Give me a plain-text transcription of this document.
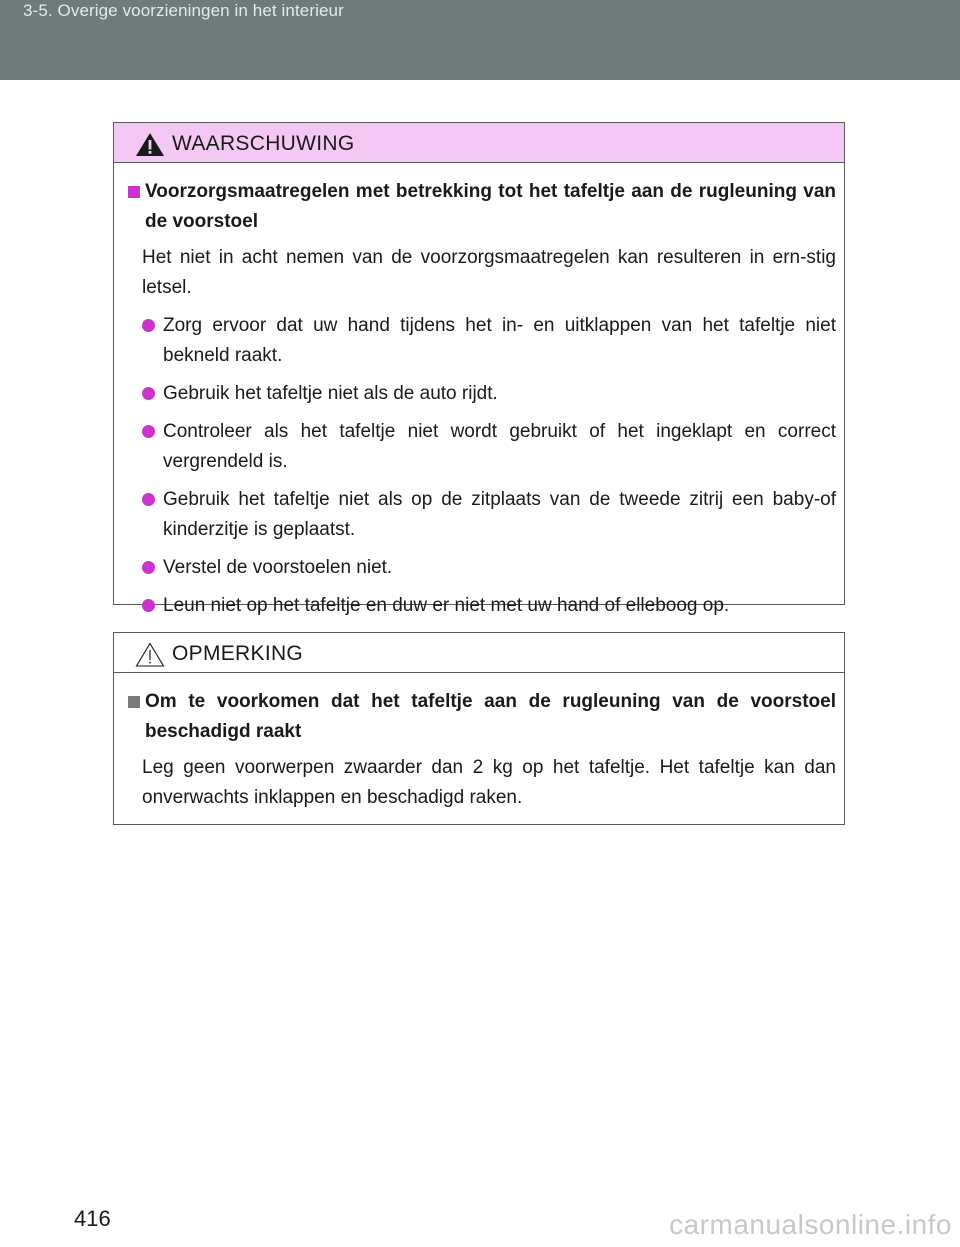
3-5. Overige voorzieningen in het interieur
WAARSCHUWING

Voorzorgsmaatregelen met betrekking tot het tafeltje aan de rugleuning van de voorstoel

Het niet in acht nemen van de voorzorgsmaatregelen kan resulteren in ern-stig letsel.

Zorg ervoor dat uw hand tijdens het in- en uitklappen van het tafeltje niet bekneld raakt.
Gebruik het tafeltje niet als de auto rijdt.
Controleer als het tafeltje niet wordt gebruikt of het ingeklapt en correct vergrendeld is.
Gebruik het tafeltje niet als op de zitplaats van de tweede zitrij een baby-of kinderzitje is geplaatst.
Verstel de voorstoelen niet.
Leun niet op het tafeltje en duw er niet met uw hand of elleboog op.
OPMERKING

Om te voorkomen dat het tafeltje aan de rugleuning van de voorstoel beschadigd raakt

Leg geen voorwerpen zwaarder dan 2 kg op het tafeltje. Het tafeltje kan dan onverwachts inklappen en beschadigd raken.

416	carmanualsonline.info
